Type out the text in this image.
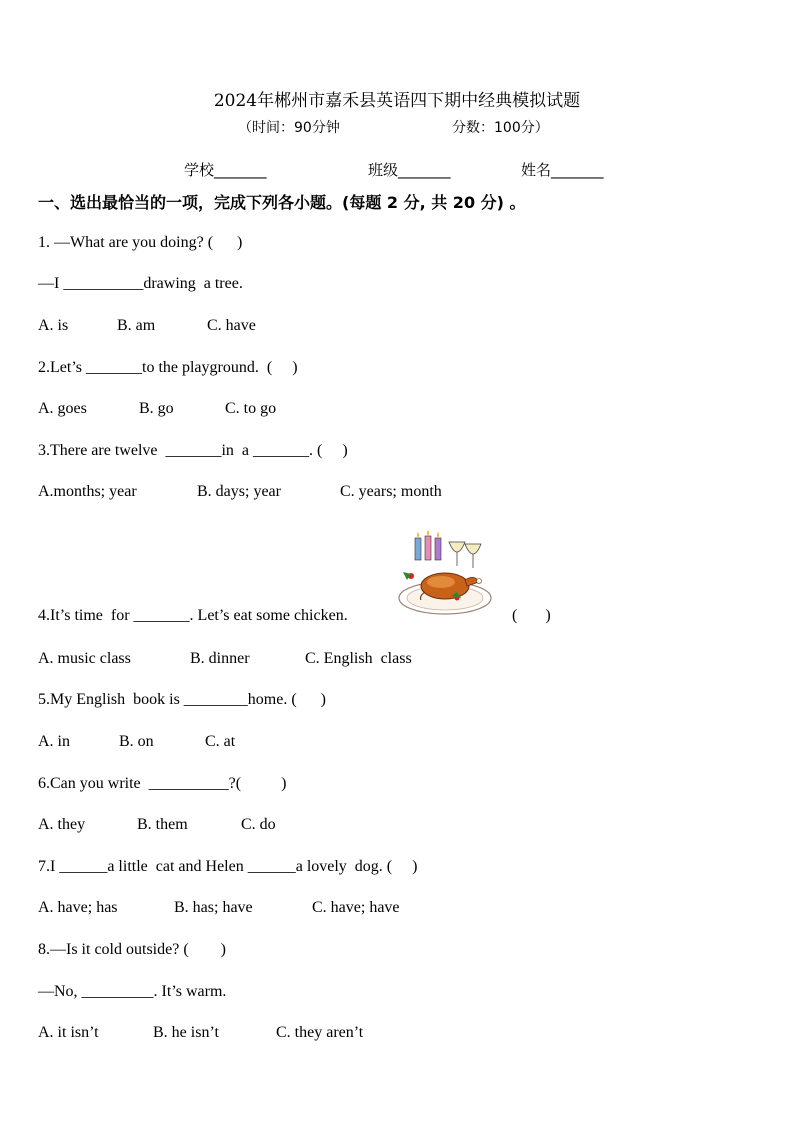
2024年郴州市嘉禾县英语四下期中经典模拟试题
（时间：90分钟	分数：100分）
学校_______	班级_______	姓名_______
一、选出最恰当的一项，完成下列各小题。(每题 2 分, 共 20 分) 。
1. —What are you doing? (      )
—I __________drawing  a tree.
A. is	B. am	C. have
2.Let’s _______to the playground.  (     )
A. goes	B. go	C. to go
3.There are twelve  _______in  a _______. (     )
A.months; year	B. days; year	C. years; month
4.It’s time  for _______. Let’s eat some chicken.	(       )
A. music class	B. dinner	C. English  class
5.My English  book is ________home. (      )
A. in	B. on	C. at
6.Can you write  __________?(          )
A. they	B. them	C. do
7.I ______a little  cat and Helen ______a lovely  dog. (     )
A. have; has	B. has; have	C. have; have
8.—Is it cold outside? (        )
—No, _________. It’s warm.
A. it isn’t	B. he isn’t	C. they aren’t
